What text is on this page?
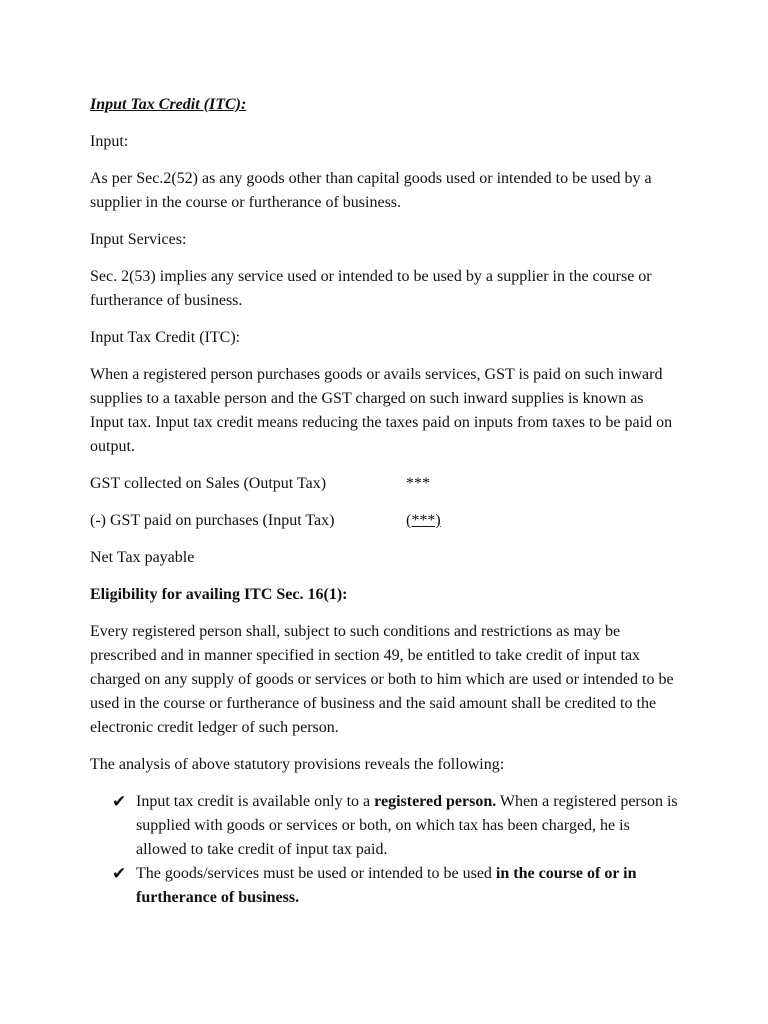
Input Tax Credit (ITC):

Input:

As per Sec.2(52) as any goods other than capital goods used or intended to be used by a supplier in the course or furtherance of business.

Input Services:

Sec. 2(53) implies any service used or intended to be used by a supplier in the course or furtherance of business.

Input Tax Credit (ITC):

When a registered person purchases goods or avails services, GST is paid on such inward supplies to a taxable person and the GST charged on such inward supplies is known as Input tax. Input tax credit means reducing the taxes paid on inputs from taxes to be paid on output.

GST collected on Sales (Output Tax)	***
(-) GST paid on purchases (Input Tax)	(***)
Net Tax payable

Eligibility for availing ITC Sec. 16(1):

Every registered person shall, subject to such conditions and restrictions as may be prescribed and in manner specified in section 49, be entitled to take credit of input tax charged on any supply of goods or services or both to him which are used or intended to be used in the course or furtherance of business and the said amount shall be credited to the electronic credit ledger of such person.

The analysis of above statutory provisions reveals the following:

✔ Input tax credit is available only to a registered person. When a registered person is supplied with goods or services or both, on which tax has been charged, he is allowed to take credit of input tax paid.
✔ The goods/services must be used or intended to be used in the course of or in furtherance of business.
